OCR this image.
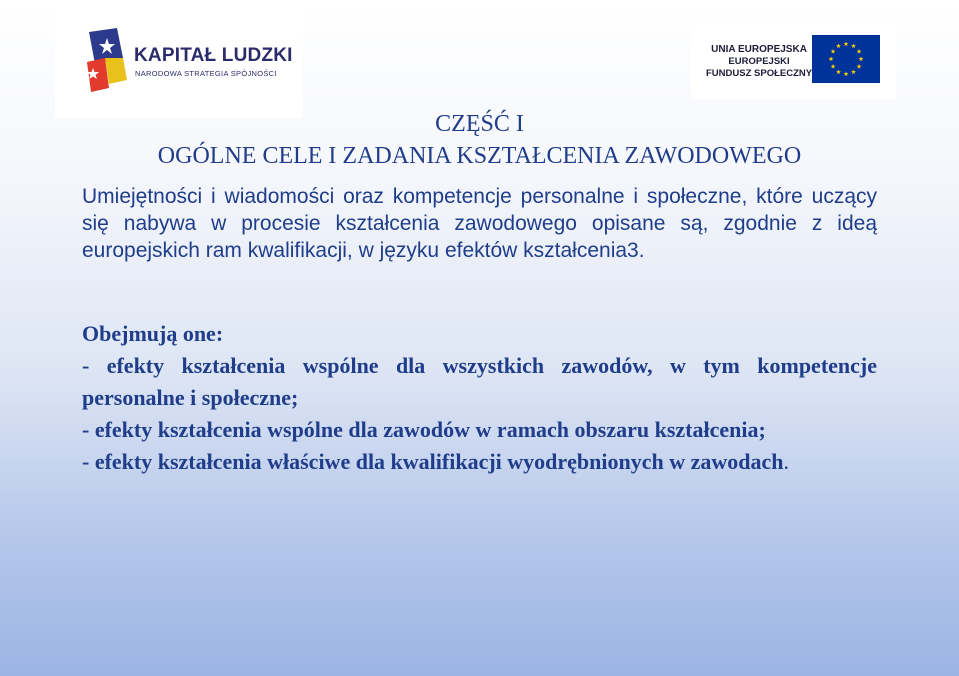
KAPITAŁ LUDZKI
NARODOWA STRATEGIA SPÓJNOŚCI
UNIA EUROPEJSKA
EUROPEJSKI
FUNDUSZ SPOŁECZNY
CZĘŚĆ I
OGÓLNE CELE I ZADANIA KSZTAŁCENIA ZAWODOWEGO

Umiejętności i wiadomości oraz kompetencje personalne i społeczne, które uczący się nabywa w procesie kształcenia zawodowego opisane są, zgodnie z ideą europejskich ram kwalifikacji, w języku efektów kształcenia3.

Obejmują one:

- efekty kształcenia wspólne dla wszystkich zawodów, w tym kompetencje personalne i społeczne;

- efekty kształcenia wspólne dla zawodów w ramach obszaru kształcenia;

- efekty kształcenia właściwe dla kwalifikacji wyodrębnionych w zawodach.
